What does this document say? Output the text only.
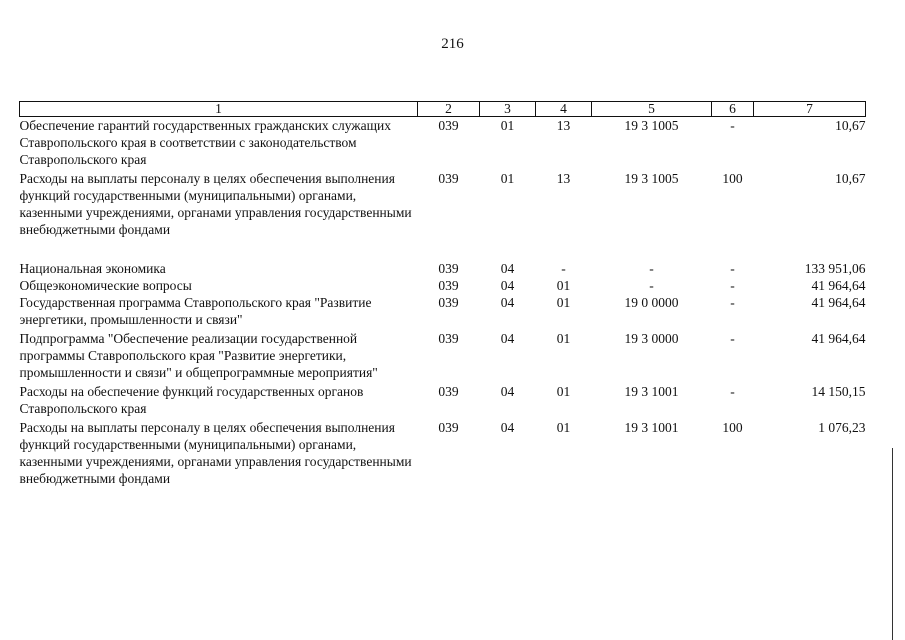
216
1	2	3	4	5	6	7
Обеспечение гарантий государственных гражданских служащих Ставропольского края в соответствии с законодательством Ставропольского края	039	01	13	19 3 1005	-	10,67
Расходы на выплаты персоналу в целях обеспечения выполнения функций государственными (муниципальными) органами, казенными учреждениями, органами управления государственными внебюджетными фондами	039	01	13	19 3 1005	100	10,67

Национальная экономика	039	04	-	-	-	133 951,06
Общеэкономические вопросы	039	04	01	-	-	41 964,64
Государственная программа Ставропольского края "Развитие энергетики, промышленности и связи"	039	04	01	19 0 0000	-	41 964,64
Подпрограмма "Обеспечение реализации государственной программы Ставропольского края "Развитие энергетики, промышленности и связи" и общепрограммные мероприятия"	039	04	01	19 3 0000	-	41 964,64
Расходы на обеспечение функций государственных органов Ставропольского края	039	04	01	19 3 1001	-	14 150,15
Расходы на выплаты персоналу в целях обеспечения выполнения функций государственными (муниципальными) органами, казенными учреждениями, органами управления государственными внебюджетными фондами	039	04	01	19 3 1001	100	1 076,23
